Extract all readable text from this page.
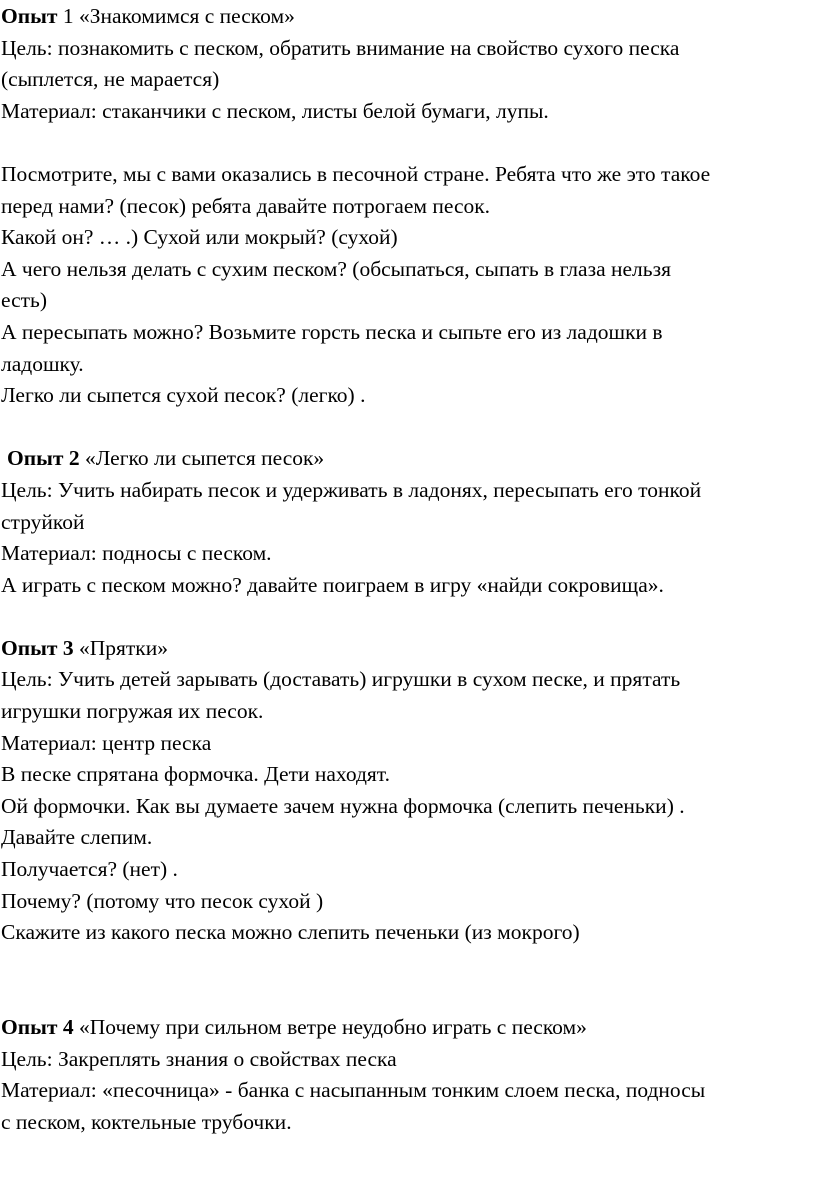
Опыт 1 «Знакомимся с песком»
Цель: познакомить с песком, обратить внимание на свойство сухого песка
(сыплется, не марается)
Материал: стаканчики с песком, листы белой бумаги, лупы.
Посмотрите, мы с вами оказались в песочной стране. Ребята что же это такое
перед нами? (песок) ребята давайте потрогаем песок.
Какой он? … .) Сухой или мокрый? (сухой)
А чего нельзя делать с сухим песком? (обсыпаться, сыпать в глаза нельзя
есть)
А пересыпать можно? Возьмите горсть песка и сыпьте его из ладошки в
ладошку.
Легко ли сыпется сухой песок? (легко) .
Опыт 2 «Легко ли сыпется песок»
Цель: Учить набирать песок и удерживать в ладонях, пересыпать его тонкой
струйкой
Материал: подносы с песком.
А играть с песком можно? давайте поиграем в игру «найди сокровища».
Опыт 3 «Прятки»
Цель: Учить детей зарывать (доставать) игрушки в сухом песке, и прятать
игрушки погружая их песок.
Материал: центр песка
В песке спрятана формочка. Дети находят.
Ой формочки. Как вы думаете зачем нужна формочка (слепить печеньки) .
Давайте слепим.
Получается? (нет) .
Почему? (потому что песок сухой )
Скажите из какого песка можно слепить печеньки (из мокрого)
Опыт 4 «Почему при сильном ветре неудобно играть с песком»
Цель: Закреплять знания о свойствах песка
Материал: «песочница» - банка с насыпанным тонким слоем песка, подносы
с песком, коктельные трубочки.
